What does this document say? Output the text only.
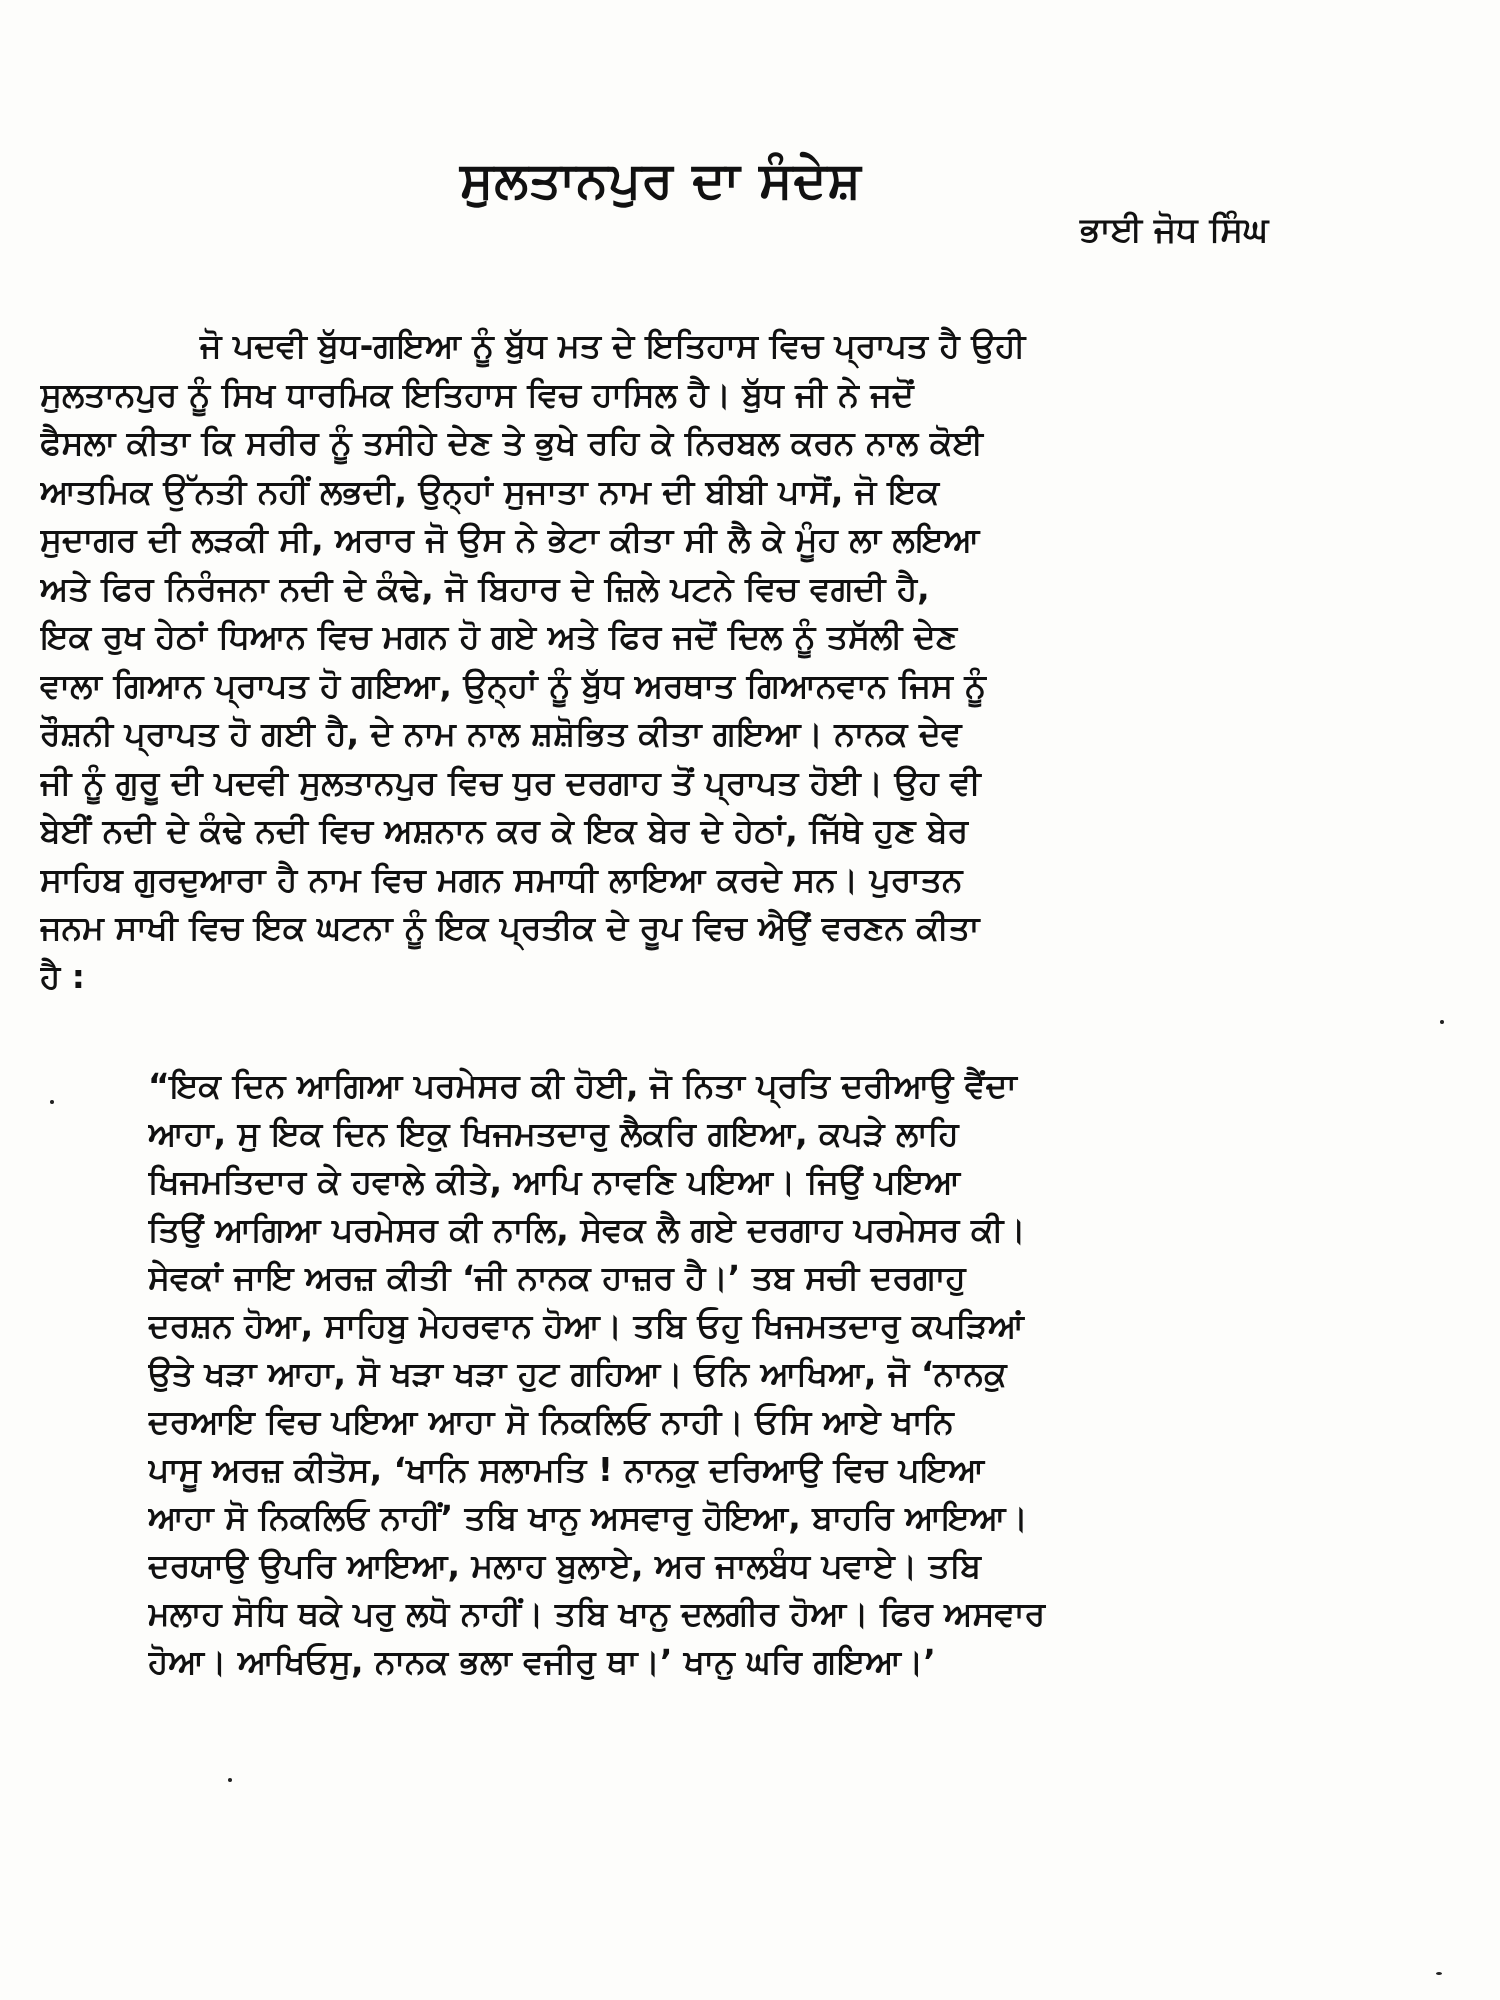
ਸੁਲਤਾਨਪੁਰ ਦਾ ਸੰਦੇਸ਼
ਭਾਈ ਜੋਧ ਸਿੰਘ
ਜੋ ਪਦਵੀ ਬੁੱਧ-ਗਇਆ ਨੂੰ ਬੁੱਧ ਮਤ ਦੇ ਇਤਿਹਾਸ ਵਿਚ ਪ੍ਰਾਪਤ ਹੈ ਉਹੀ
ਸੁਲਤਾਨਪੁਰ ਨੂੰ ਸਿਖ ਧਾਰਮਿਕ ਇਤਿਹਾਸ ਵਿਚ ਹਾਸਿਲ ਹੈ। ਬੁੱਧ ਜੀ ਨੇ ਜਦੋਂ
ਫੈਸਲਾ ਕੀਤਾ ਕਿ ਸਰੀਰ ਨੂੰ ਤਸੀਹੇ ਦੇਣ ਤੇ ਭੁਖੇ ਰਹਿ ਕੇ ਨਿਰਬਲ ਕਰਨ ਨਾਲ ਕੋਈ
ਆਤਮਿਕ ਉੱਨਤੀ ਨਹੀਂ ਲਭਦੀ, ਉਨ੍ਹਾਂ ਸੁਜਾਤਾ ਨਾਮ ਦੀ ਬੀਬੀ ਪਾਸੋਂ, ਜੋ ਇਕ
ਸੁਦਾਗਰ ਦੀ ਲੜਕੀ ਸੀ, ਅਰਾਰ ਜੋ ਉਸ ਨੇ ਭੇਟਾ ਕੀਤਾ ਸੀ ਲੈ ਕੇ ਮੂੰਹ ਲਾ ਲਇਆ
ਅਤੇ ਫਿਰ ਨਿਰੰਜਨਾ ਨਦੀ ਦੇ ਕੰਢੇ, ਜੋ ਬਿਹਾਰ ਦੇ ਜ਼ਿਲੇ ਪਟਨੇ ਵਿਚ ਵਗਦੀ ਹੈ,
ਇਕ ਰੁਖ ਹੇਠਾਂ ਧਿਆਨ ਵਿਚ ਮਗਨ ਹੋ ਗਏ ਅਤੇ ਫਿਰ ਜਦੋਂ ਦਿਲ ਨੂੰ ਤਸੱਲੀ ਦੇਣ
ਵਾਲਾ ਗਿਆਨ ਪ੍ਰਾਪਤ ਹੋ ਗਇਆ, ਉਨ੍ਹਾਂ ਨੂੰ ਬੁੱਧ ਅਰਥਾਤ ਗਿਆਨਵਾਨ ਜਿਸ ਨੂੰ
ਰੌਸ਼ਨੀ ਪ੍ਰਾਪਤ ਹੋ ਗਈ ਹੈ, ਦੇ ਨਾਮ ਨਾਲ ਸ਼ਸ਼ੋਭਿਤ ਕੀਤਾ ਗਇਆ। ਨਾਨਕ ਦੇਵ
ਜੀ ਨੂੰ ਗੁਰੂ ਦੀ ਪਦਵੀ ਸੁਲਤਾਨਪੁਰ ਵਿਚ ਧੁਰ ਦਰਗਾਹ ਤੋਂ ਪ੍ਰਾਪਤ ਹੋਈ। ਉਹ ਵੀ
ਬੇਈਂ ਨਦੀ ਦੇ ਕੰਢੇ ਨਦੀ ਵਿਚ ਅਸ਼ਨਾਨ ਕਰ ਕੇ ਇਕ ਬੇਰ ਦੇ ਹੇਠਾਂ, ਜਿੱਥੇ ਹੁਣ ਬੇਰ
ਸਾਹਿਬ ਗੁਰਦੁਆਰਾ ਹੈ ਨਾਮ ਵਿਚ ਮਗਨ ਸਮਾਧੀ ਲਾਇਆ ਕਰਦੇ ਸਨ। ਪੁਰਾਤਨ
ਜਨਮ ਸਾਖੀ ਵਿਚ ਇਕ ਘਟਨਾ ਨੂੰ ਇਕ ਪ੍ਰਤੀਕ ਦੇ ਰੂਪ ਵਿਚ ਐਉਂ ਵਰਣਨ ਕੀਤਾ
ਹੈ :
“ਇਕ ਦਿਨ ਆਗਿਆ ਪਰਮੇਸਰ ਕੀ ਹੋਈ, ਜੋ ਨਿਤਾ ਪ੍ਰਤਿ ਦਰੀਆਉ ਵੈਂਦਾ
ਆਹਾ, ਸੁ ਇਕ ਦਿਨ ਇਕੁ ਖਿਜਮਤਦਾਰੁ ਲੈਕਰਿ ਗਇਆ, ਕਪੜੇ ਲਾਹਿ
ਖਿਜਮਤਿਦਾਰ ਕੇ ਹਵਾਲੇ ਕੀਤੇ, ਆਪਿ ਨਾਵਣਿ ਪਇਆ। ਜਿਉਂ ਪਇਆ
ਤਿਉਂ ਆਗਿਆ ਪਰਮੇਸਰ ਕੀ ਨਾਲਿ, ਸੇਵਕ ਲੈ ਗਏ ਦਰਗਾਹ ਪਰਮੇਸਰ ਕੀ।
ਸੇਵਕਾਂ ਜਾਇ ਅਰਜ਼ ਕੀਤੀ ‘ਜੀ ਨਾਨਕ ਹਾਜ਼ਰ ਹੈ।’ ਤਬ ਸਚੀ ਦਰਗਾਹੁ
ਦਰਸ਼ਨ ਹੋਆ, ਸਾਹਿਬੁ ਮੇਹਰਵਾਨ ਹੋਆ। ਤਬਿ ਓਹੁ ਖਿਜਮਤਦਾਰੁ ਕਪੜਿਆਂ
ਉਤੇ ਖੜਾ ਆਹਾ, ਸੋ ਖੜਾ ਖੜਾ ਹੁਟ ਗਹਿਆ। ਓਨਿ ਆਖਿਆ, ਜੋ ‘ਨਾਨਕੁ
ਦਰਆਇ ਵਿਚ ਪਇਆ ਆਹਾ ਸੋ ਨਿਕਲਿਓ ਨਾਹੀ। ਓਸਿ ਆਏ ਖਾਨਿ
ਪਾਸੂ ਅਰਜ਼ ਕੀਤੋਸ, ‘ਖਾਨਿ ਸਲਾਮਤਿ ! ਨਾਨਕੁ ਦਰਿਆਉ ਵਿਚ ਪਇਆ
ਆਹਾ ਸੋ ਨਿਕਲਿਓ ਨਾਹੀਂ’ ਤਬਿ ਖਾਨੁ ਅਸਵਾਰੁ ਹੋਇਆ, ਬਾਹਰਿ ਆਇਆ।
ਦਰਯਾਉ ਉਪਰਿ ਆਇਆ, ਮਲਾਹ ਬੁਲਾਏ, ਅਰ ਜਾਲਬੰਧ ਪਵਾਏ। ਤਬਿ
ਮਲਾਹ ਸੋਧਿ ਥਕੇ ਪਰੁ ਲਧੋ ਨਾਹੀਂ। ਤਬਿ ਖਾਨੁ ਦਲਗੀਰ ਹੋਆ। ਫਿਰ ਅਸਵਾਰ
ਹੋਆ। ਆਖਿਓਸੁ, ਨਾਨਕ ਭਲਾ ਵਜੀਰੁ ਥਾ।’ ਖਾਨੁ ਘਰਿ ਗਇਆ।’
